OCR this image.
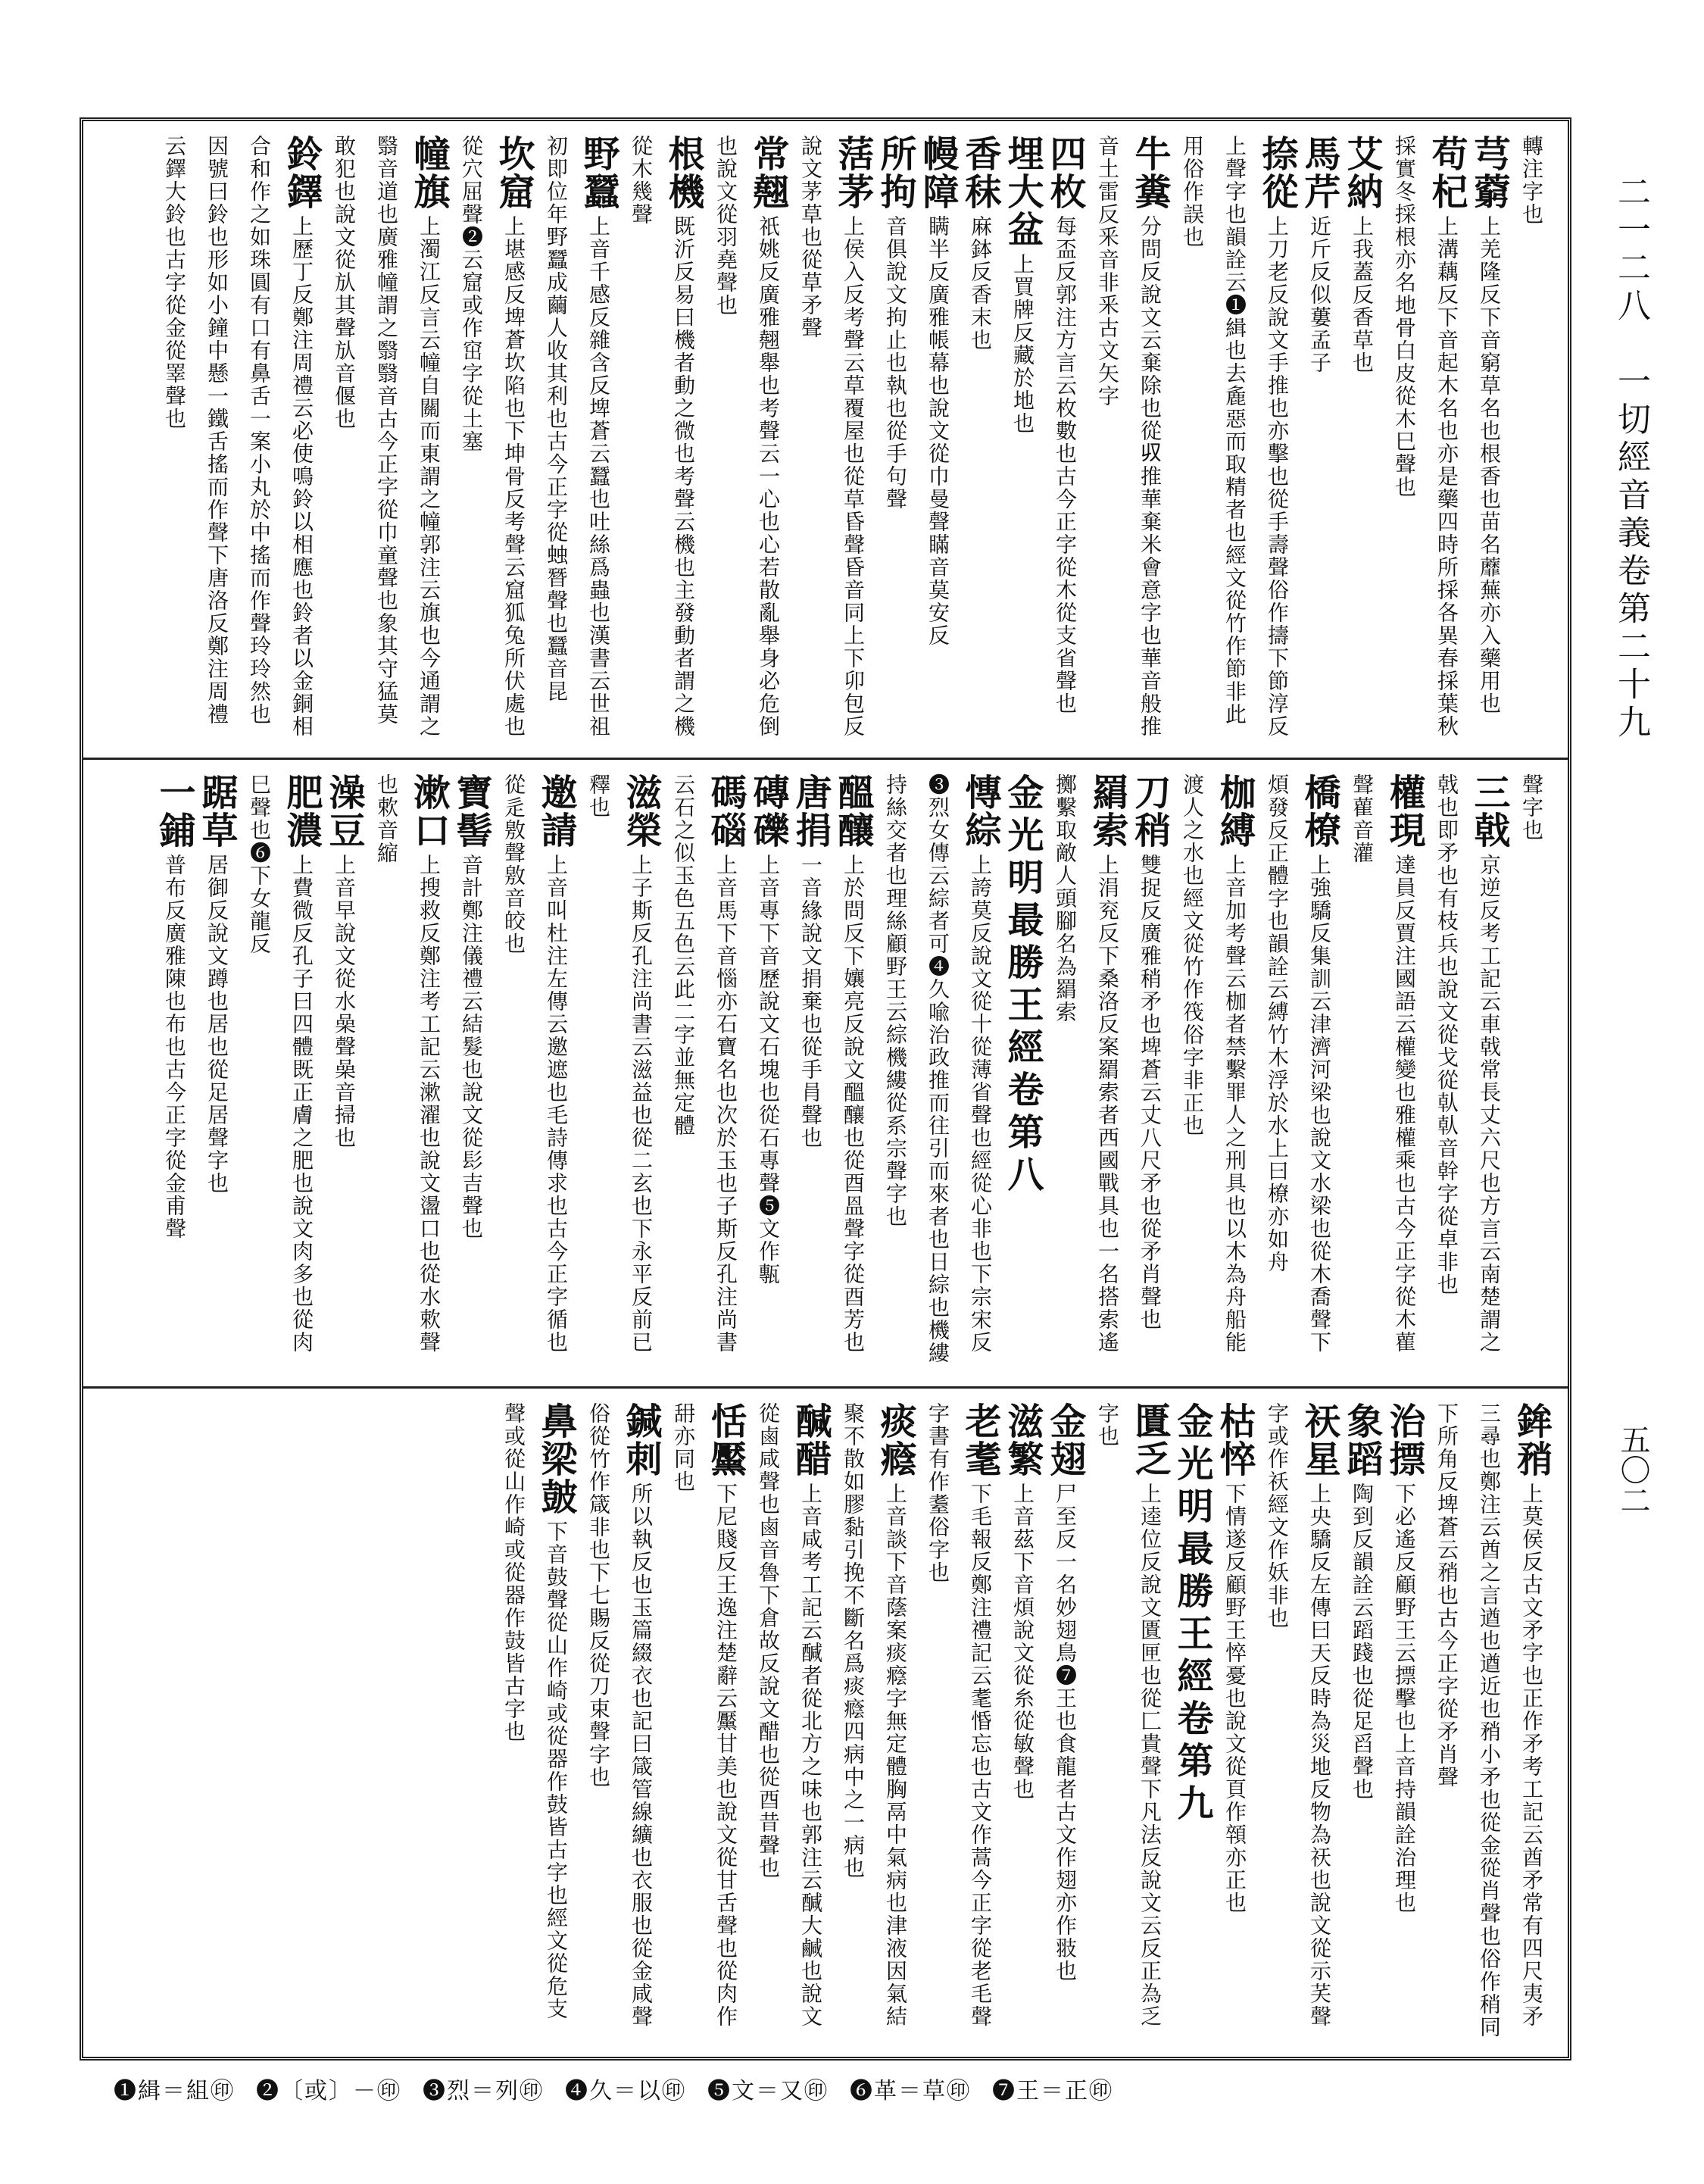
二一二八　一切經音義卷第二十九
五〇二
轉注字也
芎藭上羌隆反下音窮草名也根香也苗名蘼蕪亦入藥用也
苟杞上溝藕反下音起木名也亦是藥四時所採各異春採葉秋採實冬採根亦名地骨白皮從木巳聲也
艾納上我蓋反香草也
馬芹近斤反似蔞孟子
捺從上刀老反說文手推也亦擊也從手壽聲俗作擣下節淳反上聲字也韻詮云❶緝也去麁惡而取精者也經文從竹作節非此用俗作誤也
牛糞分問反說文云棄除也從𠬞推華棄米會意字也華音般推音土雷反釆音非釆古文矢字
四枚每盃反郭注方言云枚數也古今正字從木從支省聲也
埋大盆上買牌反藏於地也
香秣麻鉢反香末也
幔障瞒半反廣雅帳幕也說文從巾曼聲瞞音莫安反
所拘音俱說文拘止也執也從手句聲
萿茅上侯入反考聲云草覆屋也從草昏聲昏音同上下卯包反說文茅草也從草矛聲
常翹祇姚反廣雅翹舉也考聲云一心也心若散亂舉身必危倒也說文從羽堯聲也
根機既沂反易曰機者動之微也考聲云機也主發動者謂之機從木幾聲
野蠶上音千感反雜含反埤蒼云蠶也吐絲爲蟲也漢書云世祖初即位年野蠶成繭人收其利也古今正字從䖵朁聲也蠶音昆
坎窟上堪感反埤蒼坎陷也下坤骨反考聲云窟狐兔所伏處也從穴屈聲❷云窟或作窋字從土塞
幢旗上濁江反言云幢自關而東謂之幢郭注云旗也今通謂之翳音道也廣雅幢謂之翳翳音古今正字從巾童聲也象其守猛莫敢犯也說文從㫃其聲㫃音偃也
鈴鐸上歷丁反鄭注周禮云必使鳴鈴以相應也鈴者以金銅相合和作之如珠圓有口有鼻舌一案小丸於中搖而作聲玲玲然也因號曰鈴也形如小鐘中懸一鐵舌搖而作聲下唐洛反鄭注周禮云鐸大鈴也古字從金從睪聲也
聲字也
三戟京逆反考工記云車戟常長丈六尺也方言云南楚謂之戟也即矛也有枝兵也說文從戈從倝倝音幹字從卓非也
權現達員反賈注國語云權變也雅權乘也古今正字從木雚聲雚音灌
橋橑上強驕反集訓云津濟河梁也說文水梁也從木喬聲下煩發反正體字也韻詮云縛竹木浮於水上曰橑亦如舟
枷縛上音加考聲云枷者禁繫罪人之刑具也以木為舟船能渡人之水也經文從竹作筏俗字非正也
刀稍雙捉反廣雅稍矛也埤蒼云丈八尺矛也從矛肖聲也
羂索上涓兖反下桑洛反案羂索者西國戰具也一名搭索遙擲繫取敵人頭腳名為羂索
金光明最勝王經卷第八
慱綜上誇莫反說文從十從薄省聲也經從心非也下宗宋反❸烈女傳云綜者可❹久喩治政推而往引而來者也日綜也機縷持絲交者也理絲顧野王云綜機縷從系宗聲字也
醞釀上於問反下孃亮反說文醞釀也從酉𥁕聲字從酉芳也
唐捐一音緣說文捐棄也從手肙聲也
磚礫上音專下音歷說文石塊也從石專聲❺文作甎
碼碯上音馬下音惱亦石寶名也次於玉也子斯反孔注尚書云石之似玉色五色云此二字並無定體
滋榮上子斯反孔注尚書云滋益也從二玄也下永平反前已釋也
邀請上音叫杜注左傳云邀遮也毛詩傳求也古今正字循也從辵敫聲敫音皎也
寶髻音計鄭注儀禮云結髮也說文從髟吉聲也
漱口上搜救反鄭注考工記云漱濯也說文盪口也從水欶聲也欶音縮
澡豆上音早說文從水喿聲喿音掃也
肥濃上費微反孔子曰四體既正膚之肥也說文肉多也從肉巳聲也❻下女龍反
踞草居御反說文蹲也居也從足居聲字也
一鋪普布反廣雅陳也布也古今正字從金甫聲
鉾矟上莫侯反古文矛字也正作矛考工記云酋矛常有四尺夷矛三尋也鄭注云酋之言遒也遒近也矟小矛也從金從肖聲也俗作稍同下所角反埤蒼云矟也古今正字從矛肖聲
治摽下必遙反顧野王云摽擊也上音持韻詮治理也
象蹈陶到反韻詮云蹈踐也從足舀聲也
祆星上央驕反左傳曰天反時為災地反物為祆也說文從示芺聲字或作祅經文作妖非也
枯悴下情遂反顧野王悴憂也說文從頁作顇亦正也
金光明最勝王經卷第九
匱乏上逵位反說文匱匣也從匚貴聲下凡法反說文云反正為乏字也
金翅尸至反一名妙翅鳥❼王也食龍者古文作翅亦作翄也
滋繁上音茲下音煩說文從糸從敏聲也
老耄下毛報反鄭注禮記云耄惛忘也古文作蒿今正字從老毛聲字書有作耋俗字也
痰癊上音談下音蔭案痰癊字無定體胸鬲中氣病也津液因氣結聚不散如膠黏引挽不斷名爲痰癊四病中之一病也
醎醋上音咸考工記云醎者從北方之味也郭注云醎大鹹也說文從鹵咸聲也鹵音魯下倉故反說文醋也從酉昔聲也
恬黶下尼賤反王逸注楚辭云黶甘美也說文從甘舌聲也從肉作䑙亦同也
鍼刺所以執反也玉篇綴衣也記曰箴管線纊也衣服也從金咸聲俗從竹作箴非也下七賜反從刀束聲字也
鼻梁皷下音鼓聲從山作崎或從器作鼓皆古字也經文從危支聲或從山作崎或從器作鼓皆古字也
❶緝＝組㊞ ❷〔或〕－㊞ ❸烈＝列㊞ ❹久＝以㊞ ❺文＝又㊞ ❻革＝草㊞ ❼王＝正㊞
